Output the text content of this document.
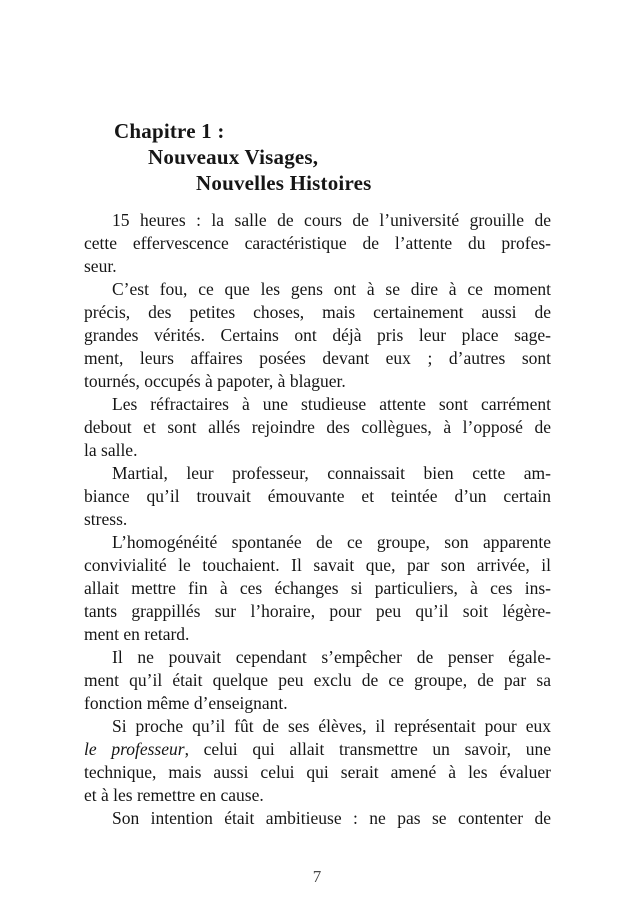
Chapitre 1 :
Nouveaux Visages,
Nouvelles Histoires
15 heures : la salle de cours de l’université grouille de
cette effervescence caractéristique de l’attente du profes-
seur.
C’est fou, ce que les gens ont à se dire à ce moment
précis, des petites choses, mais certainement aussi de
grandes vérités. Certains ont déjà pris leur place sage-
ment, leurs affaires posées devant eux ; d’autres sont
tournés, occupés à papoter, à blaguer.
Les réfractaires à une studieuse attente sont carrément
debout et sont allés rejoindre des collègues, à l’opposé de
la salle.
Martial, leur professeur, connaissait bien cette am-
biance qu’il trouvait émouvante et teintée d’un certain
stress.
L’homogénéité spontanée de ce groupe, son apparente
convivialité le touchaient. Il savait que, par son arrivée, il
allait mettre fin à ces échanges si particuliers, à ces ins-
tants grappillés sur l’horaire, pour peu qu’il soit légère-
ment en retard.
Il ne pouvait cependant s’empêcher de penser égale-
ment qu’il était quelque peu exclu de ce groupe, de par sa
fonction même d’enseignant.
Si proche qu’il fût de ses élèves, il représentait pour eux
le professeur, celui qui allait transmettre un savoir, une
technique, mais aussi celui qui serait amené à les évaluer
et à les remettre en cause.
Son intention était ambitieuse : ne pas se contenter de
7
